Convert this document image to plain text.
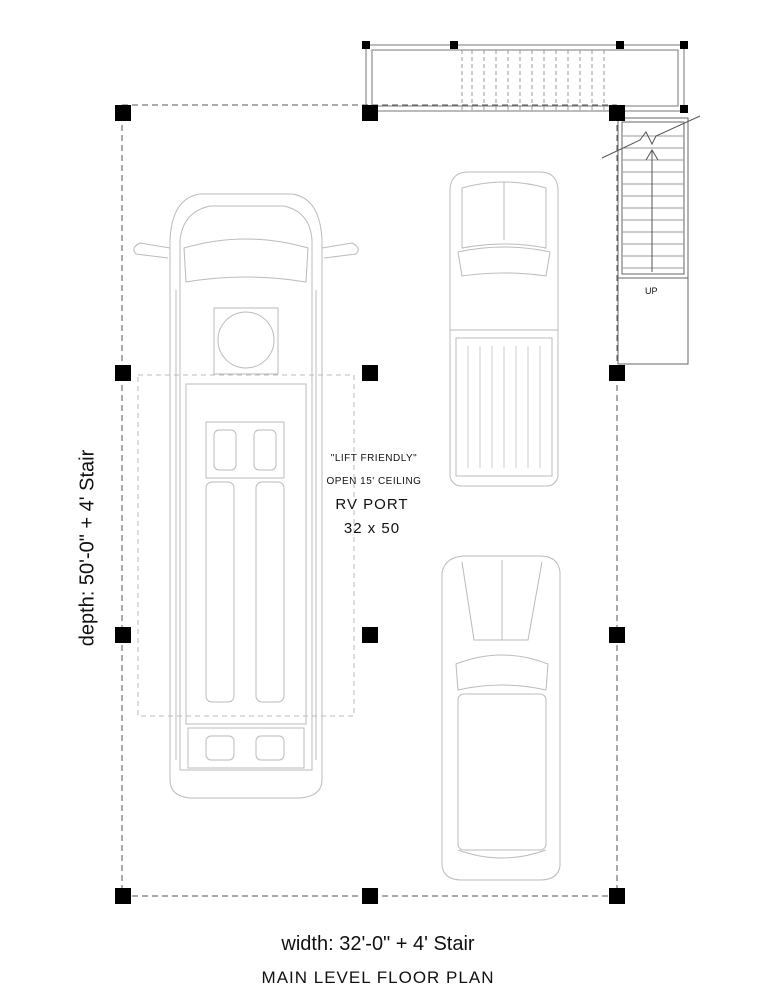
"LIFT FRIENDLY"
OPEN 15' CEILING
RV PORT
32 x 50
UP
depth: 50'-0" + 4' Stair
width: 32'-0" + 4' Stair
MAIN LEVEL FLOOR PLAN
